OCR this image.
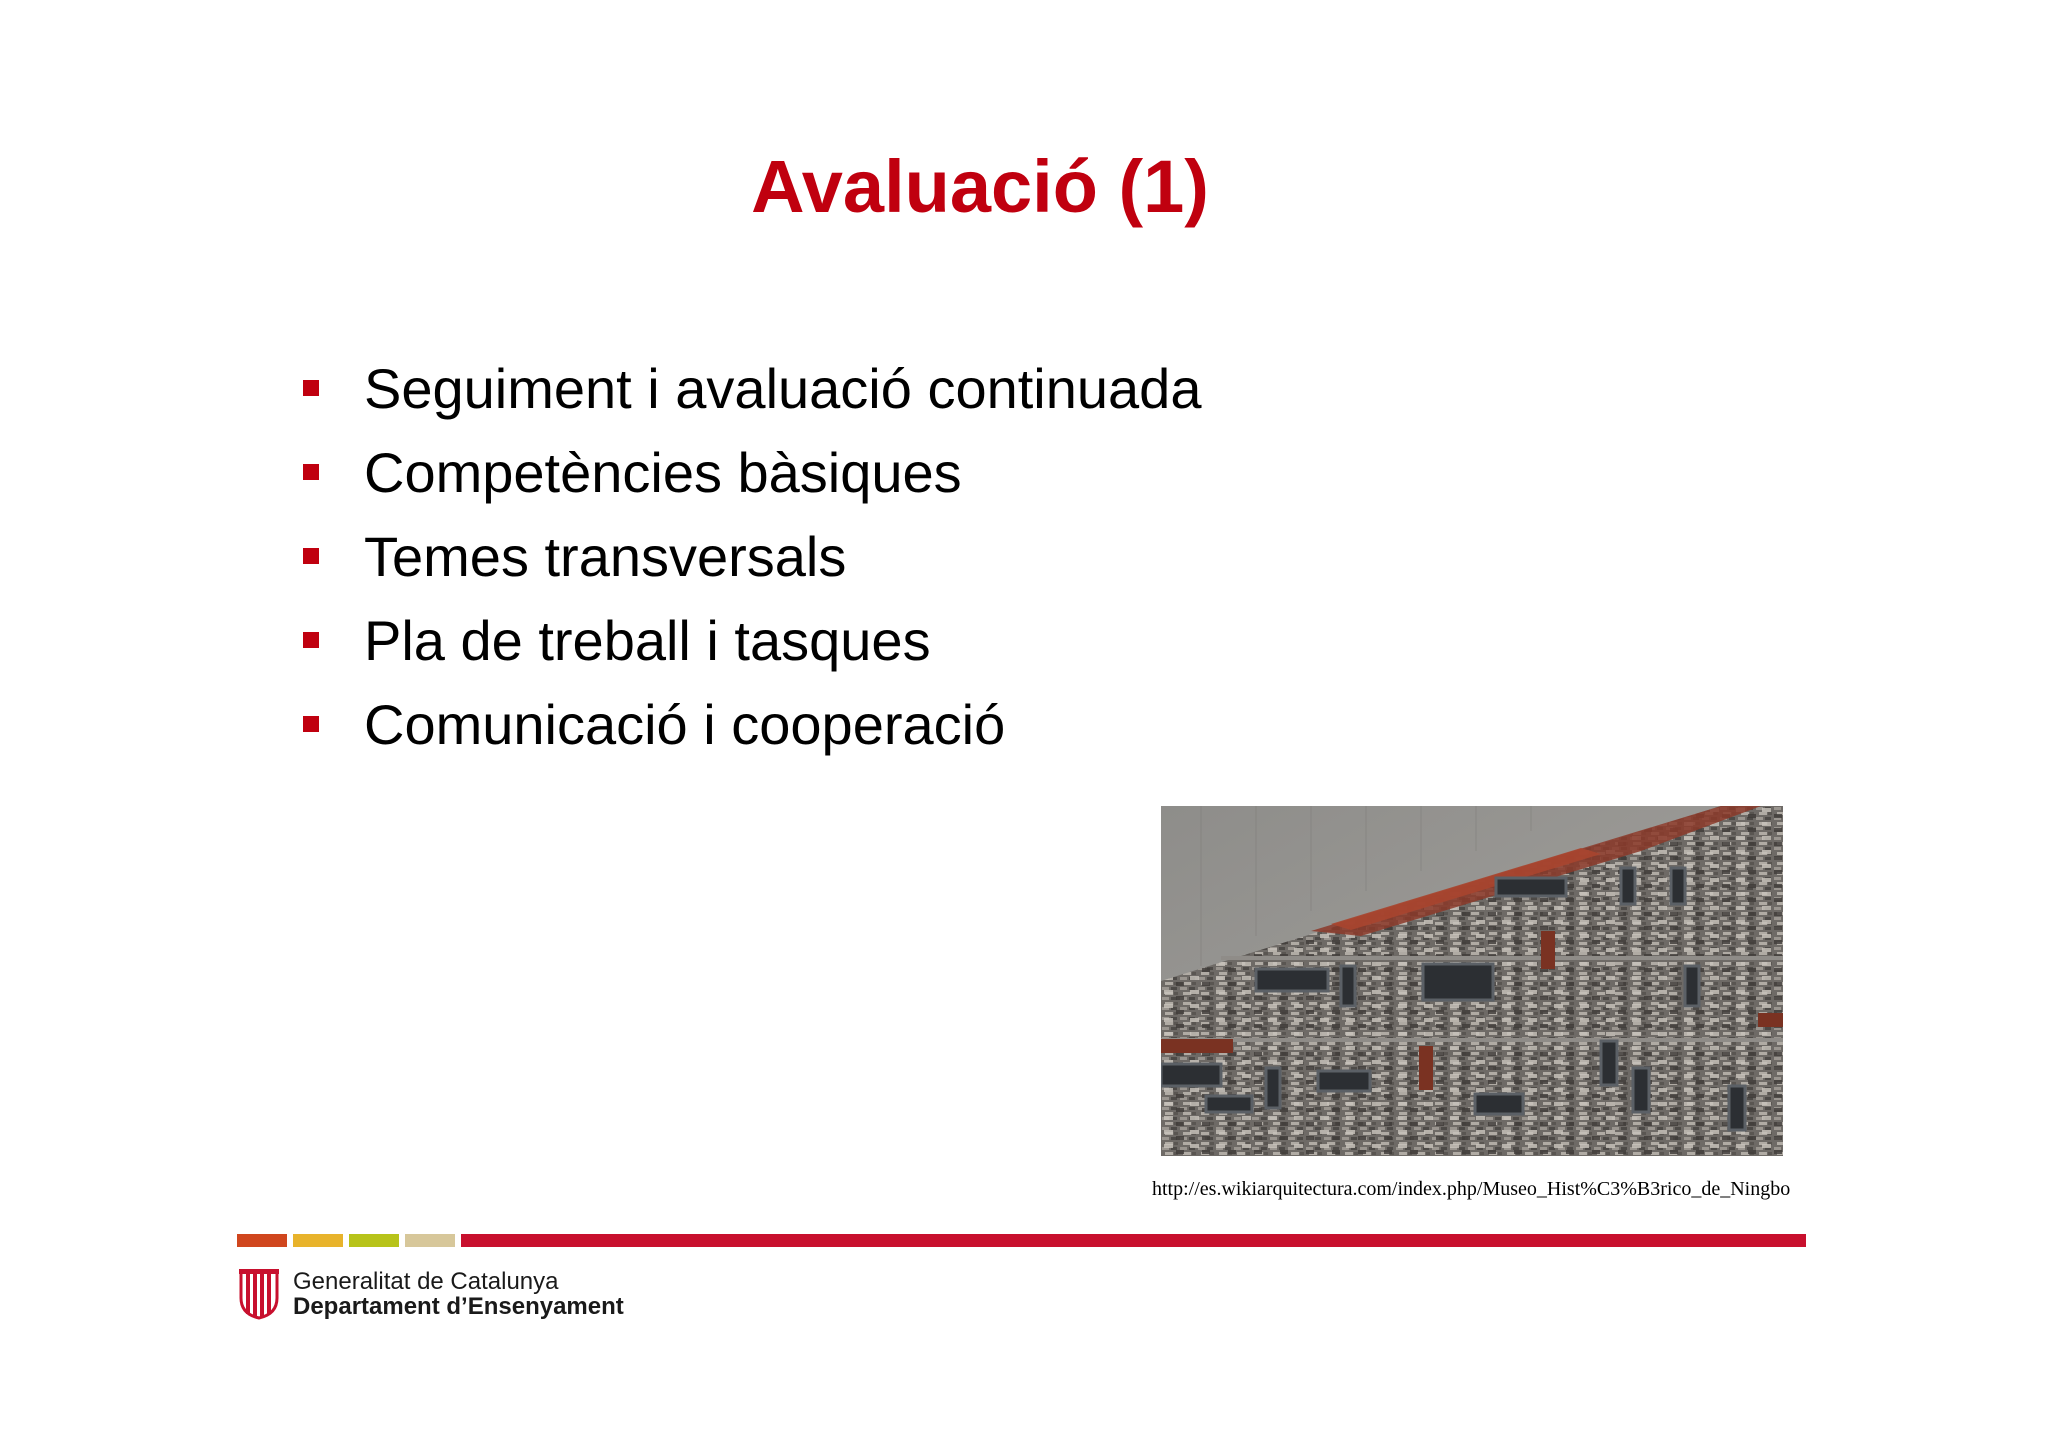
Avaluació (1)
Seguiment i avaluació continuada
Competències bàsiques
Temes transversals
Pla de treball i tasques
Comunicació i cooperació
http://es.wikiarquitectura.com/index.php/Museo_Hist%C3%B3rico_de_Ningbo
Generalitat de Catalunya
Departament d’Ensenyament
